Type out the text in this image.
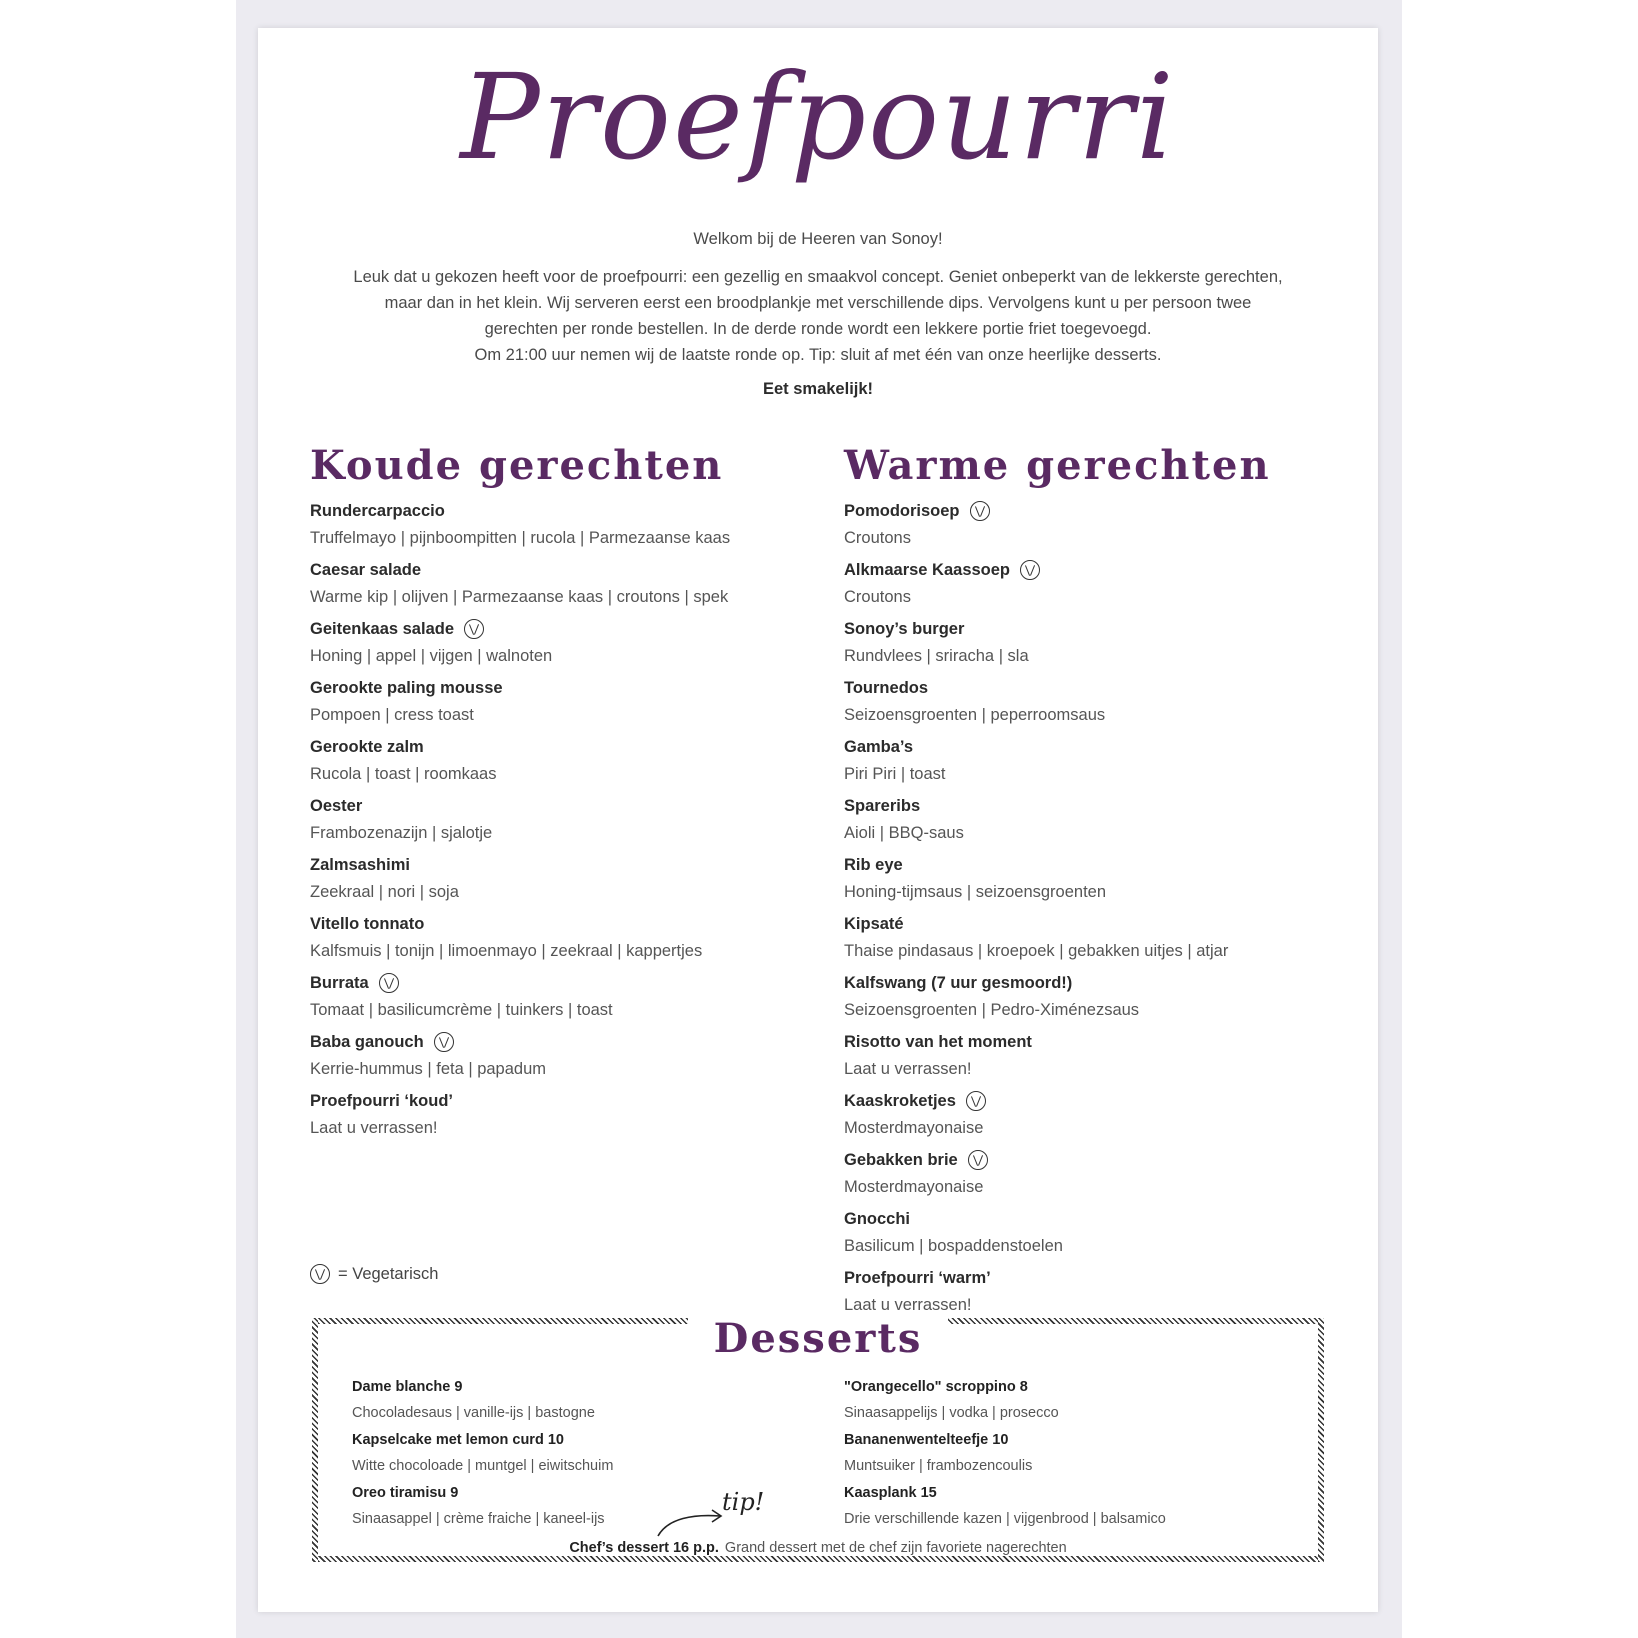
Proefpourri
Welkom bij de Heeren van Sonoy!
Leuk dat u gekozen heeft voor de proefpourri: een gezellig en smaakvol concept. Geniet onbeperkt van de lekkerste gerechten,
maar dan in het klein. Wij serveren eerst een broodplankje met verschillende dips. Vervolgens kunt u per persoon twee
gerechten per ronde bestellen. In de derde ronde wordt een lekkere portie friet toegevoegd.
Om 21:00 uur nemen wij de laatste ronde op. Tip: sluit af met één van onze heerlijke desserts.
Eet smakelijk!
Koude gerechten
Rundercarpaccio
Truffelmayo | pijnboompitten | rucola | Parmezaanse kaas
Caesar salade
Warme kip | olijven | Parmezaanse kaas | croutons | spek
Geitenkaas salade
Honing | appel | vijgen | walnoten
Gerookte paling mousse
Pompoen | cress toast
Gerookte zalm
Rucola | toast | roomkaas
Oester
Frambozenazijn | sjalotje
Zalmsashimi
Zeekraal | nori | soja
Vitello tonnato
Kalfsmuis | tonijn | limoenmayo | zeekraal | kappertjes
Burrata
Tomaat | basilicumcrème | tuinkers | toast
Baba ganouch
Kerrie-hummus | feta | papadum
Proefpourri ‘koud’
Laat u verrassen!
Warme gerechten
Pomodorisoep
Croutons
Alkmaarse Kaassoep
Croutons
Sonoy’s burger
Rundvlees | sriracha | sla
Tournedos
Seizoensgroenten | peperroomsaus
Gamba’s
Piri Piri | toast
Spareribs
Aioli | BBQ-saus
Rib eye
Honing-tijmsaus | seizoensgroenten
Kipsaté
Thaise pindasaus | kroepoek | gebakken uitjes | atjar
Kalfswang (7 uur gesmoord!)
Seizoensgroenten | Pedro-Ximénezsaus
Risotto van het moment
Laat u verrassen!
Kaaskroketjes
Mosterdmayonaise
Gebakken brie
Mosterdmayonaise
Gnocchi
Basilicum | bospaddenstoelen
Proefpourri ‘warm’
Laat u verrassen!
= Vegetarisch
Desserts
Dame blanche 9
Chocoladesaus | vanille-ijs | bastogne
Kapselcake met lemon curd 10
Witte chocoloade | muntgel | eiwitschuim
Oreo tiramisu 9
Sinaasappel | crème fraiche | kaneel-ijs
"Orangecello" scroppino 8
Sinaasappelijs | vodka | prosecco
Bananenwentelteefje 10
Muntsuiker | frambozencoulis
Kaasplank 15
Drie verschillende kazen | vijgenbrood | balsamico
tip!
Chef’s dessert 16 p.p. Grand dessert met de chef zijn favoriete nagerechten
